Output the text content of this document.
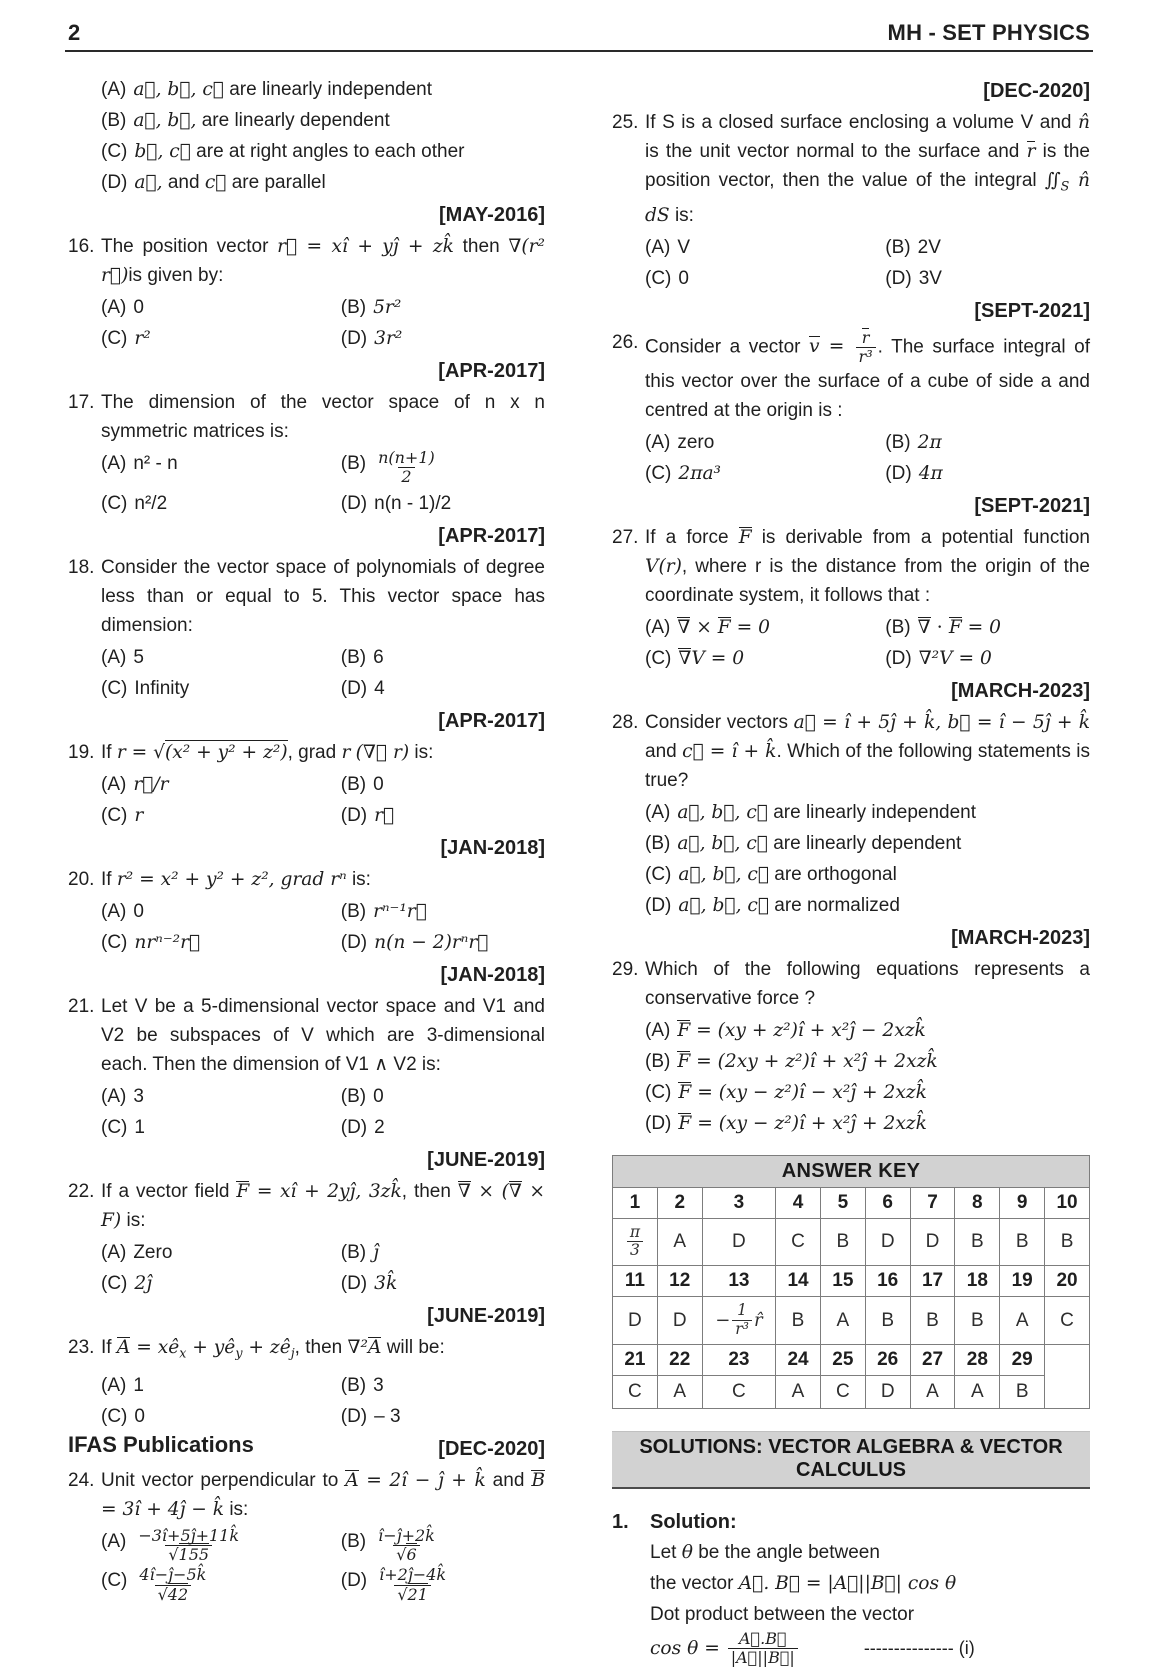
2	MH - SET PHYSICS
(A) a⃗, b⃗, c⃗ are linearly independent
(B) a⃗, b⃗, are linearly dependent
(C) b⃗, c⃗ are at right angles to each other
(D) a⃗, and c⃗ are parallel
[MAY-2016]
16. The position vector r⃗ = xî + yĵ + zk̂ then ∇(r² r⃗)is given by:
(A) 0	(B) 5r²
(C) r²	(D) 3r²
[APR-2017]
17. The dimension of the vector space of n x n symmetric matrices is:
(A) n² - n	$(B) \frac{n(n+1)}{2}$
(C) n²/2	(D) n(n - 1)/2
[APR-2017]
18. Consider the vector space of polynomials of degree less than or equal to 5. This vector space has dimension:
(A) 5	(B) 6
(C) Infinity	(D) 4
[APR-2017]
19. If r = √(x² + y² + z²), grad r (∇⃗ r) is:
(A) r⃗/r	(B) 0
(C) r	(D) r⃗
[JAN-2018]
20. If r² = x² + y² + z², grad rⁿ is:
(A) 0	(B) rⁿ⁻¹r⃗
(C) nrⁿ⁻²r⃗	(D) n(n − 2)rⁿr⃗
[JAN-2018]
21. Let V be a 5-dimensional vector space and V1 and V2 be subspaces of V which are 3-dimensional each. Then the dimension of V1 ∧ V2 is:
(A) 3	(B) 0
(C) 1	(D) 2
[JUNE-2019]
22. If a vector field F = xî + 2yĵ, 3zk̂, then ∇ × (∇ × F) is:
(A) Zero	(B) ĵ
(C) 2ĵ	(D) 3k̂
[JUNE-2019]
23. If $A = xê_x$ + $yê_y$ + $zê_j$, then ∇²A will be:
(A) 1	(B) 3
(C) 0	(D) – 3
[DEC-2020]
24. Unit vector perpendicular to A = 2î − ĵ + k̂ and B = 3î + 4ĵ − k̂ is:
$(A) \frac{-3î+5ĵ+11k̂}{√155}$	$(B) \frac{î-ĵ+2k̂}{√6}$
$(C) \frac{4î-ĵ-5k̂}{√42}$	$(D) \frac{î+2ĵ-4k̂}{√21}$
[DEC-2020]
25. If S is a closed surface enclosing a volume V and n̂ is the unit vector normal to the surface and r is the position vector, then the value of the integral $∬_S$ n̂ dS is:
(A) V	(B) 2V
(C) 0	(D) 3V
[SEPT-2021]
26. Consider a vector $v = \frac{r}{\text{r³}}$ . The surface integral of this vector over the surface of a cube of side a and centred at the origin is :
(A) zero	(B) 2π
(C) 2πa³	(D) 4π
[SEPT-2021]
27. If a force F is derivable from a potential function V(r), where r is the distance from the origin of the coordinate system, it follows that :
(A) ∇ × F = 0	(B) ∇ ⋅ F = 0
(C) ∇V = 0	(D) ∇²V = 0
[MARCH-2023]
28. Consider vectors a⃗ = î + 5ĵ + k̂, b⃗ = î − 5ĵ + k̂ and c⃗ = î + k̂. Which of the following statements is true?
(A) a⃗, b⃗, c⃗ are linearly independent
(B) a⃗, b⃗, c⃗ are linearly dependent
(C) a⃗, b⃗, c⃗ are orthogonal
(D) a⃗, b⃗, c⃗ are normalized
[MARCH-2023]
29. Which of the following equations represents a conservative force ?
(A) F = (xy + z²)î + x²ĵ − 2xzk̂
(B) F = (2xy + z²)î + x²ĵ + 2xzk̂
(C) F = (xy − z²)î − x²ĵ + 2xzk̂
(D) F = (xy − z²)î + x²ĵ + 2xzk̂
ANSWER KEY									
1	2	3	4	5	6	7	8	9	10

$\frac{\pi}{3}$	A	D	C	B	D	D	B	B	B
11	12	13	14	15	16	17	18	19	20
D	D	− $\frac{1}{\text{r³}}$ r̂	B	A	B	B	B	A	C
21	22	23	24	25	26	27	28	29	
C	A	C	A	C	D	A	A	B	
SOLUTIONS: VECTOR ALGEBRA & VECTOR CALCULUS
1.	Solution:
Let θ be the angle between
the vector A⃗. B⃗ = |A⃗||B⃗| cos θ
Dot product between the vector
$\cos \theta = \frac{A⃗.B⃗}{|A⃗||B⃗|}$	--------------- (i)
IFAS Publications
